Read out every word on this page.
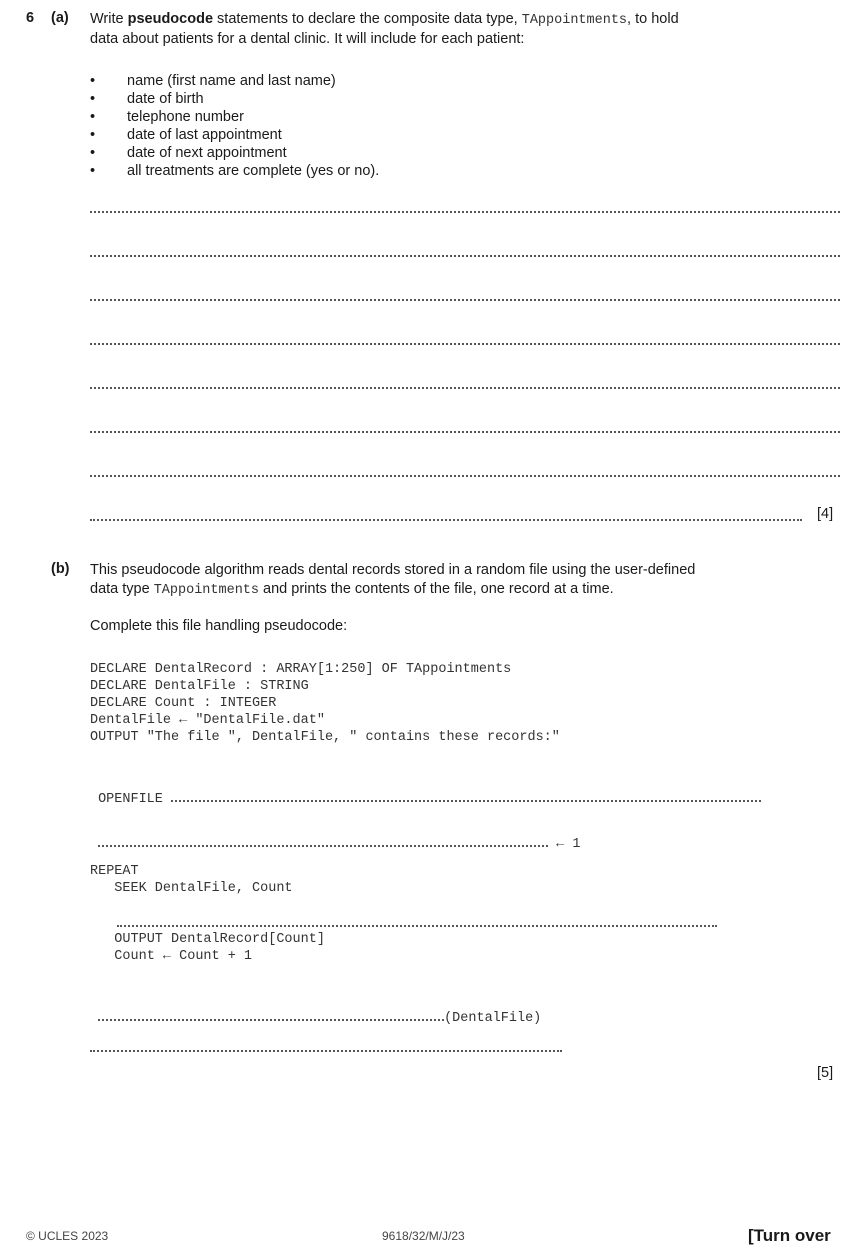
6 (a) Write pseudocode statements to declare the composite data type, TAppointments, to hold
data about patients for a dental clinic. It will include for each patient:
• name (first name and last name)
• date of birth
• telephone number
• date of last appointment
• date of next appointment
• all treatments are complete (yes or no).
[4]
(b) This pseudocode algorithm reads dental records stored in a random file using the user-defined
data type TAppointments and prints the contents of the file, one record at a time.
Complete this file handling pseudocode:
DECLARE DentalRecord : ARRAY[1:250] OF TAppointments
DECLARE DentalFile : STRING
DECLARE Count : INTEGER
DentalFile ← "DentalFile.dat"
OUTPUT "The file ", DentalFile, " contains these records:"

OPENFILE

← 1

REPEAT
SEEK DentalFile, Count
OUTPUT DentalRecord[Count]
Count ← Count + 1

(DentalFile)

[5]
© UCLES 2023	9618/32/M/J/23	[Turn over
